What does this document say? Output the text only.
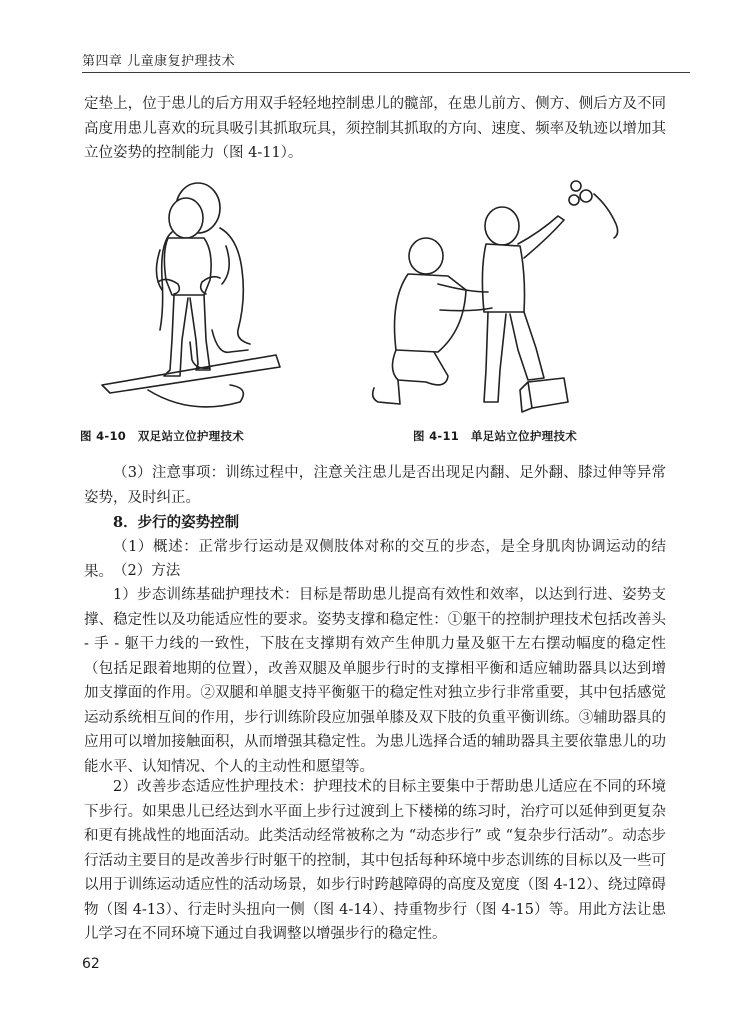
第四章 儿童康复护理技术
定垫上，位于患儿的后方用双手轻轻地控制患儿的髋部，在患儿前方、侧方、侧后方及不同高度用患儿喜欢的玩具吸引其抓取玩具，须控制其抓取的方向、速度、频率及轨迹以增加其立位姿势的控制能力（图 4-11）。
图 4-10　双足站立位护理技术	图 4-11　单足站立位护理技术
（3）注意事项：训练过程中，注意关注患儿是否出现足内翻、足外翻、膝过伸等异常姿势，及时纠正。
8．步行的姿势控制
（1）概述：正常步行运动是双侧肢体对称的交互的步态，是全身肌肉协调运动的结果。 （2）方法
1）步态训练基础护理技术：目标是帮助患儿提高有效性和效率，以达到行进、姿势支撑、稳定性以及功能适应性的要求。姿势支撑和稳定性：①躯干的控制护理技术包括改善头 - 手 - 躯干力线的一致性，下肢在支撑期有效产生伸肌力量及躯干左右摆动幅度的稳定性（包括足跟着地期的位置），改善双腿及单腿步行时的支撑相平衡和适应辅助器具以达到增加支撑面的作用。②双腿和单腿支持平衡躯干的稳定性对独立步行非常重要，其中包括感觉运动系统相互间的作用，步行训练阶段应加强单膝及双下肢的负重平衡训练。③辅助器具的应用可以增加接触面积，从而增强其稳定性。为患儿选择合适的辅助器具主要依靠患儿的功能水平、认知情况、个人的主动性和愿望等。
2）改善步态适应性护理技术：护理技术的目标主要集中于帮助患儿适应在不同的环境下步行。如果患儿已经达到水平面上步行过渡到上下楼梯的练习时，治疗可以延伸到更复杂和更有挑战性的地面活动。此类活动经常被称之为 “动态步行” 或 “复杂步行活动”。动态步行活动主要目的是改善步行时躯干的控制，其中包括每种环境中步态训练的目标以及一些可以用于训练运动适应性的活动场景，如步行时跨越障碍的高度及宽度（图 4-12）、绕过障碍物（图 4-13）、行走时头扭向一侧（图 4-14）、持重物步行（图 4-15）等。用此方法让患儿学习在不同环境下通过自我调整以增强步行的稳定性。
62
